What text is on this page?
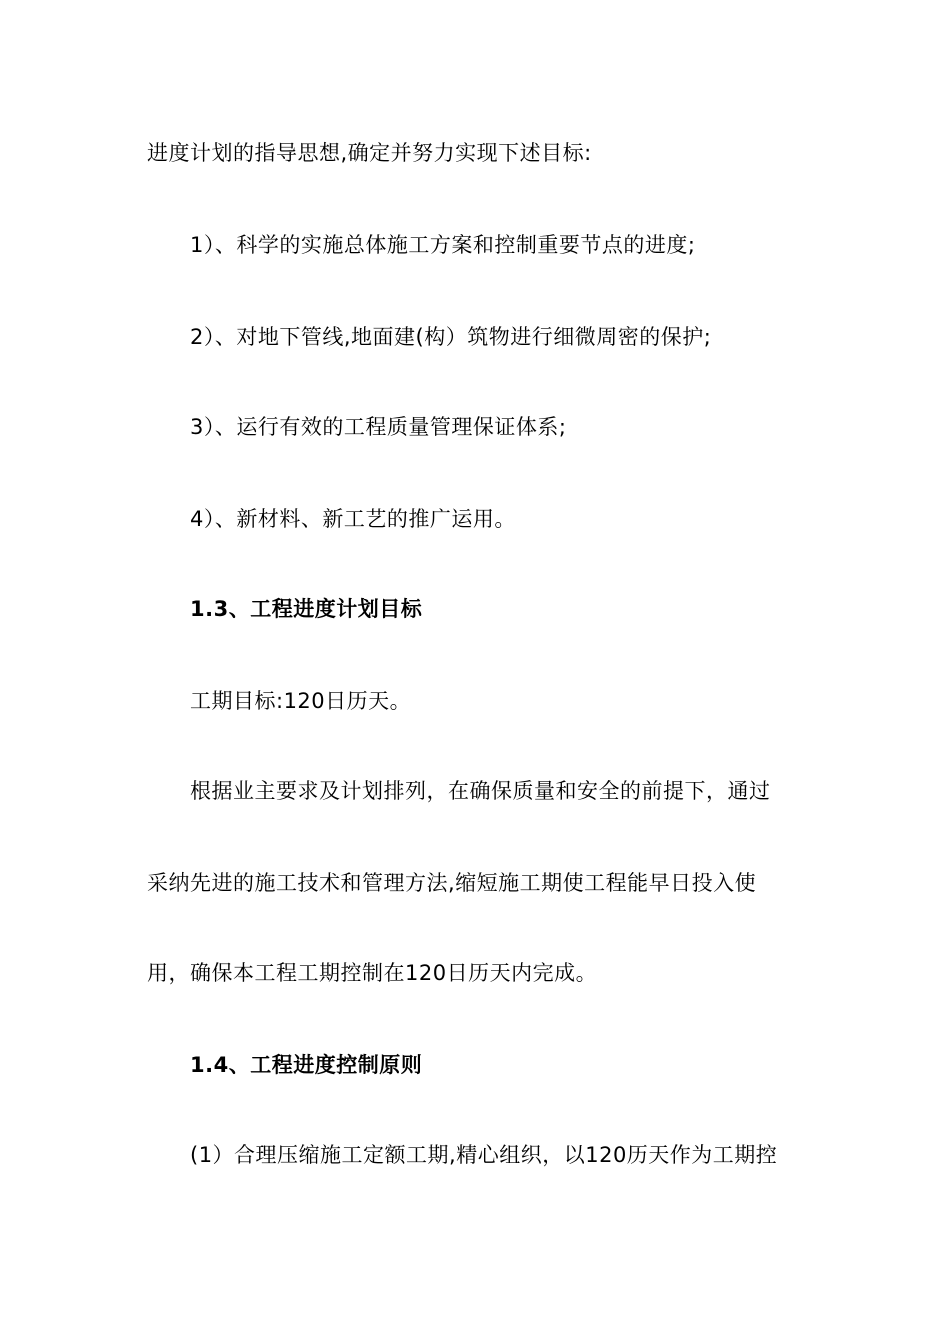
进度计划的指导思想,确定并努力实现下述目标:
1）、科学的实施总体施工方案和控制重要节点的进度;
2）、对地下管线,地面建(构）筑物进行细微周密的保护;
3）、运行有效的工程质量管理保证体系;
4）、新材料、新工艺的推广运用。
1.3、工程进度计划目标
工期目标:120日历天。
根据业主要求及计划排列，在确保质量和安全的前提下，通过
采纳先进的施工技术和管理方法,缩短施工期使工程能早日投入使
用，确保本工程工期控制在120日历天内完成。
1.4、工程进度控制原则
(1）合理压缩施工定额工期,精心组织，以120历天作为工期控
